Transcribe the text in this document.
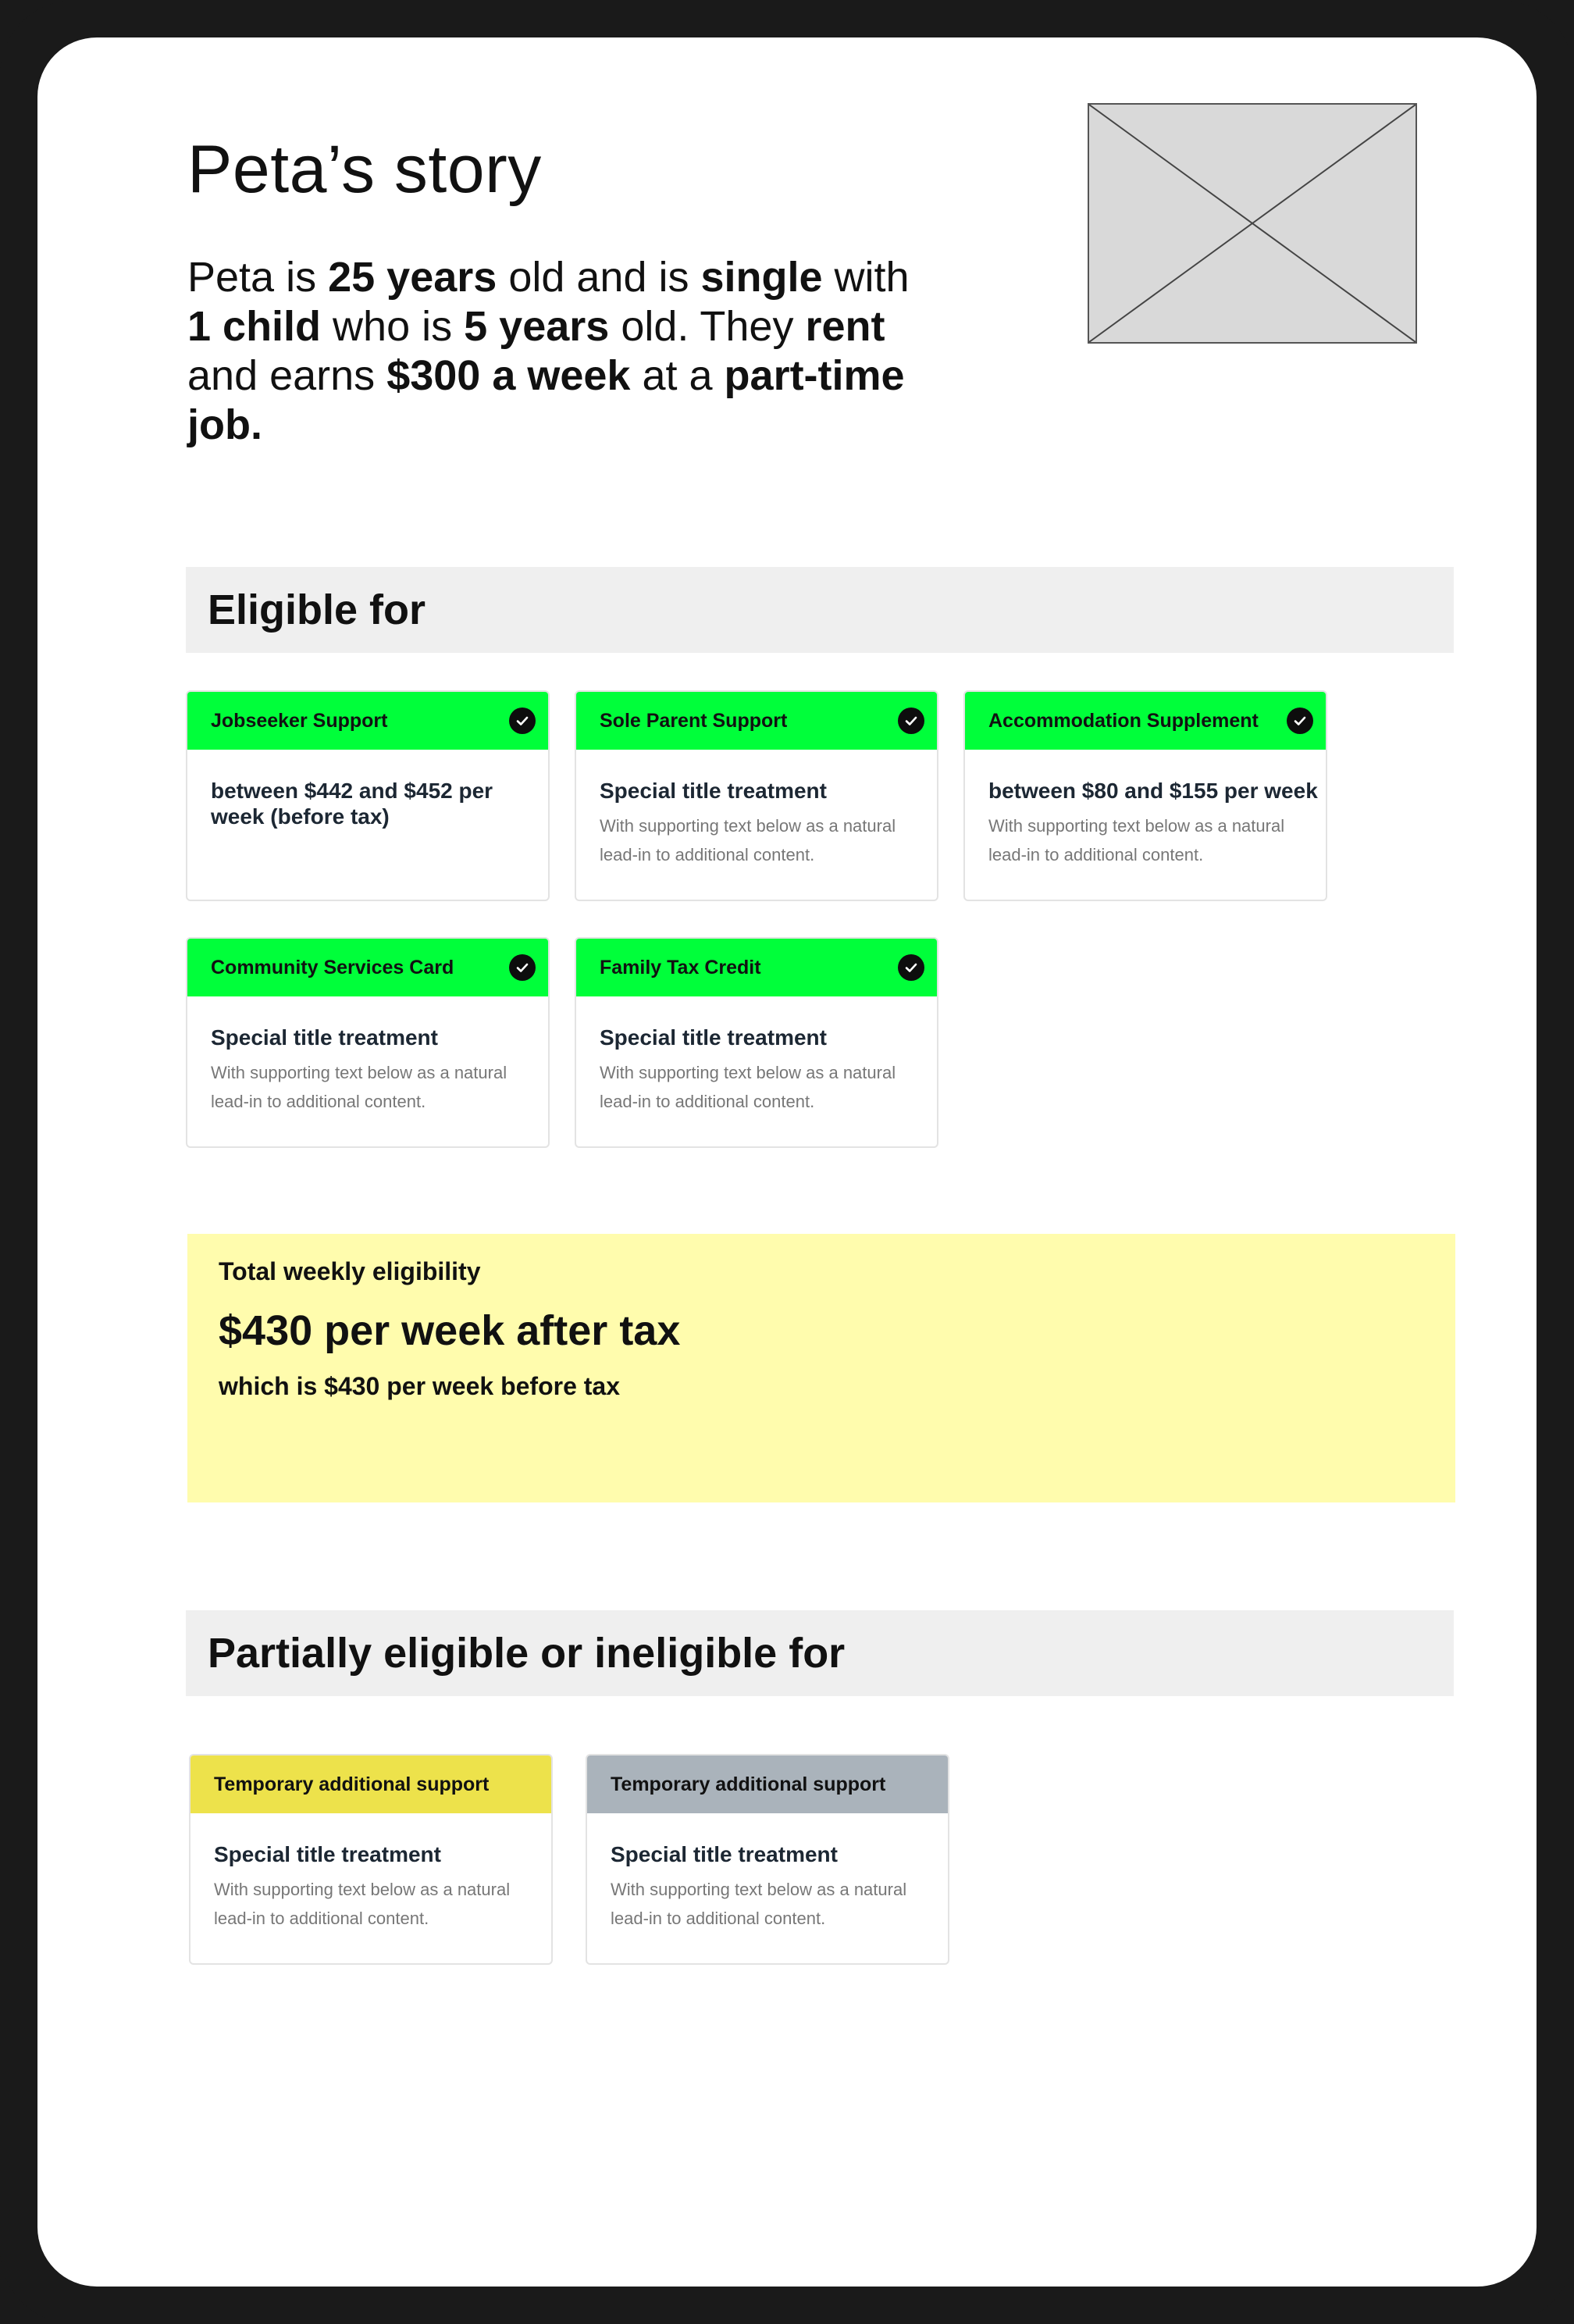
Peta’s story
Peta is 25 years old and is single with 1 child who is 5 years old. They rent and earns $300 a week at a part-time job.
Eligible for
Jobseeker Support
between $442 and $452 per week (before tax)
Sole Parent Support
Special title treatment
With supporting text below as a natural lead-in to additional content.
Accommodation Supplement
between $80 and $155 per week
With supporting text below as a natural lead-in to additional content.
Community Services Card
Special title treatment
With supporting text below as a natural lead-in to additional content.
Family Tax Credit
Special title treatment
With supporting text below as a natural lead-in to additional content.
Total weekly eligibility
$430 per week after tax
which is $430 per week before tax
Partially eligible or ineligible for
Temporary additional support
Special title treatment
With supporting text below as a natural lead-in to additional content.
Temporary additional support
Special title treatment
With supporting text below as a natural lead-in to additional content.
